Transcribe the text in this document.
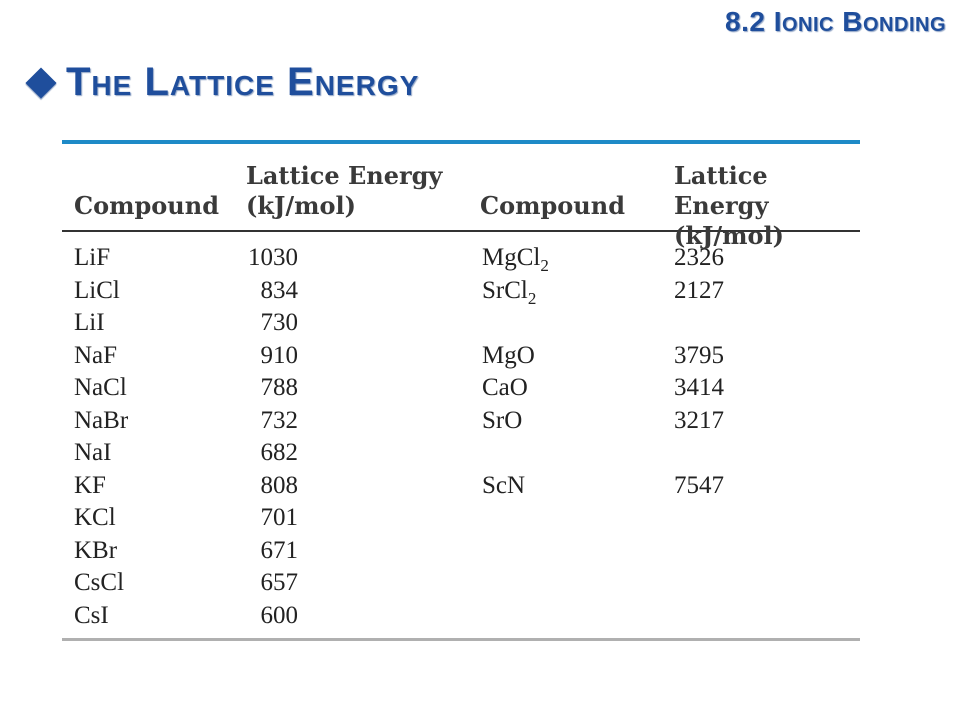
8.2 Ionic Bonding
The Lattice Energy
Compound
Lattice Energy
(kJ/mol)	Compound
Lattice Energy
(kJ/mol)
LiF
LiCl
LiI
NaF
NaCl
NaBr
NaI
KF
KCl
KBr
CsCl
CsI
1030
834
730
910
788
732
682
808
701
671
657
600
MgCl$_2$
SrCl$_2$
MgO
CaO
SrO
ScN
2326
2127
3795
3414
3217
7547
